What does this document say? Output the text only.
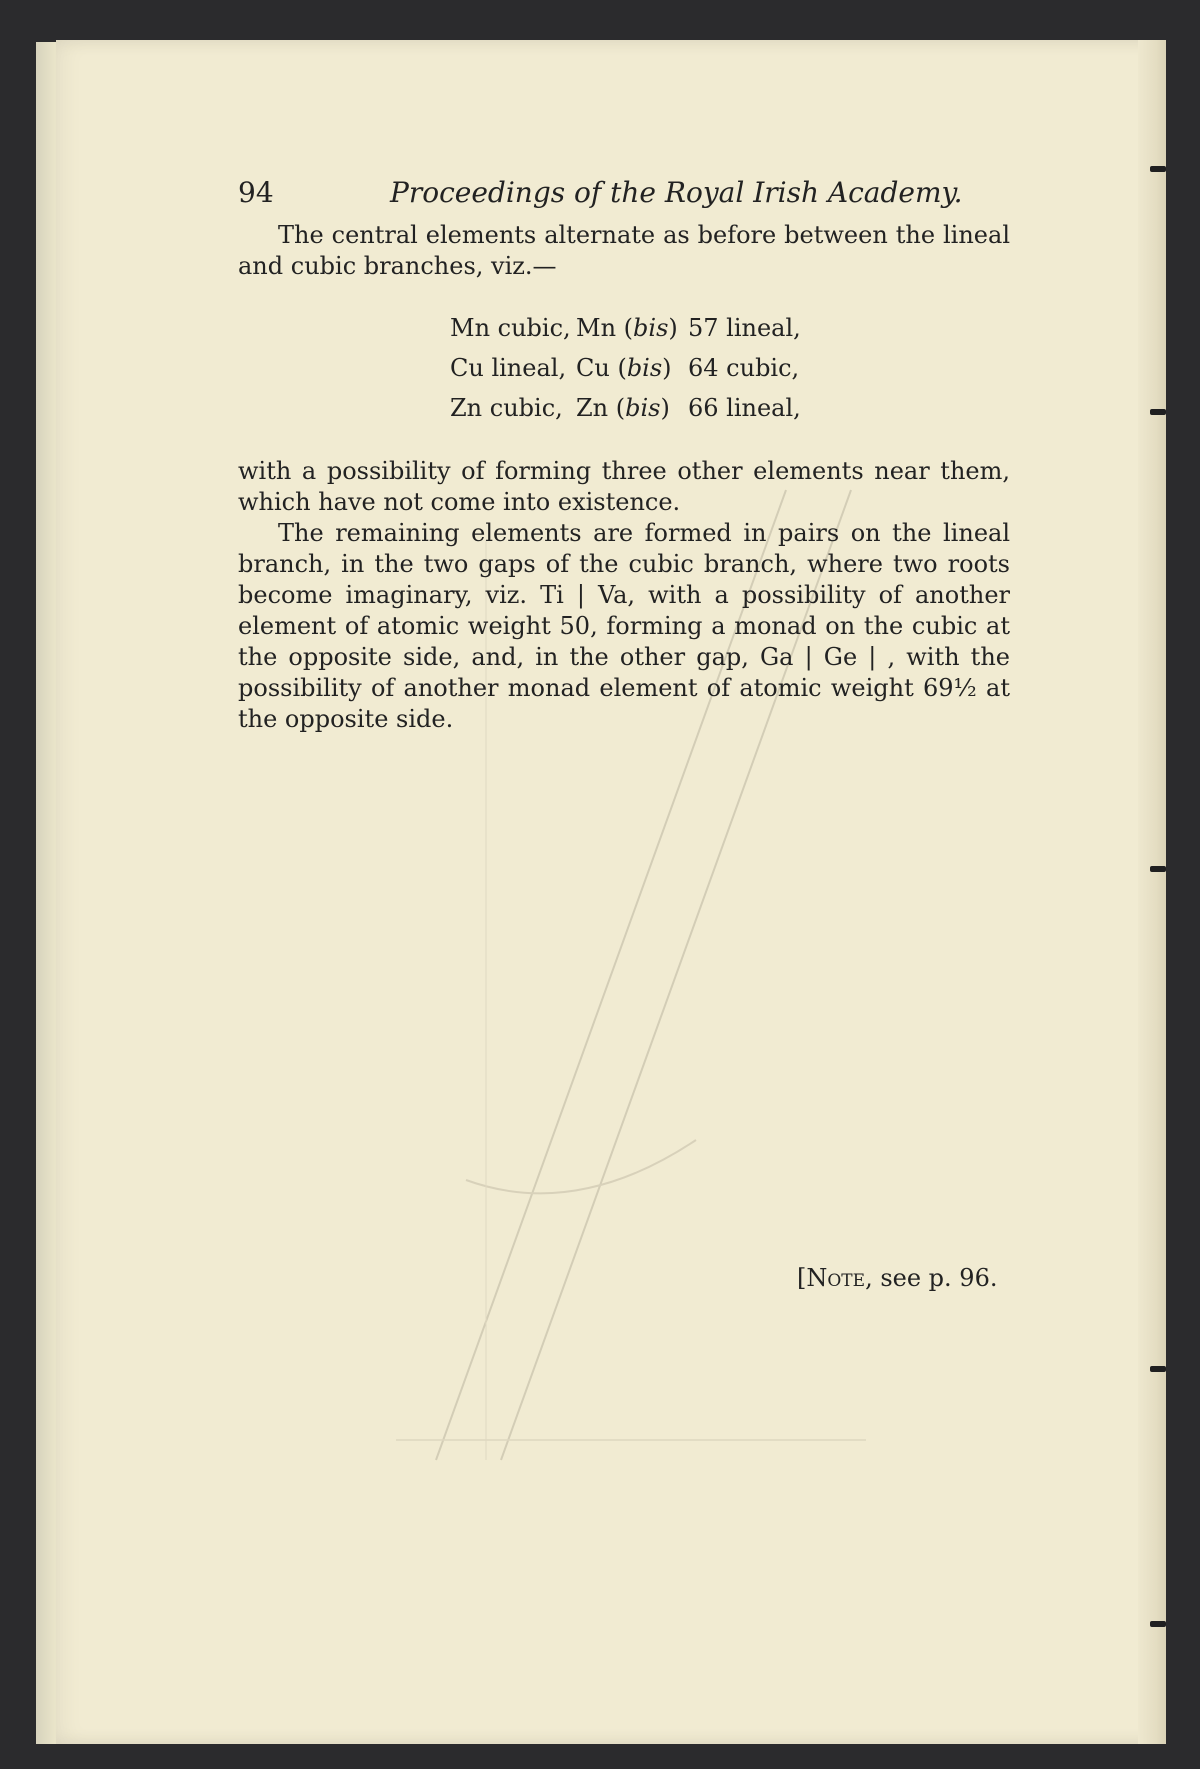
94	Proceedings of the Royal Irish Academy.

The central elements alternate as before between the lineal and cubic branches, viz.—

Mn cubic,	Mn (bis)	57 lineal,
Cu lineal,	Cu (bis)	64 cubic,
Zn cubic,	Zn (bis)	66 lineal,

with a possibility of forming three other elements near them, which have not come into existence.

The remaining elements are formed in pairs on the lineal branch, in the two gaps of the cubic branch, where two roots become imaginary, viz. Ti | Va, with a possibility of another element of atomic weight 50, forming a monad on the cubic at the opposite side, and, in the other gap, Ga | Ge | , with the possibility of another monad element of atomic weight 69½ at the opposite side.

[Note, see p. 96.
